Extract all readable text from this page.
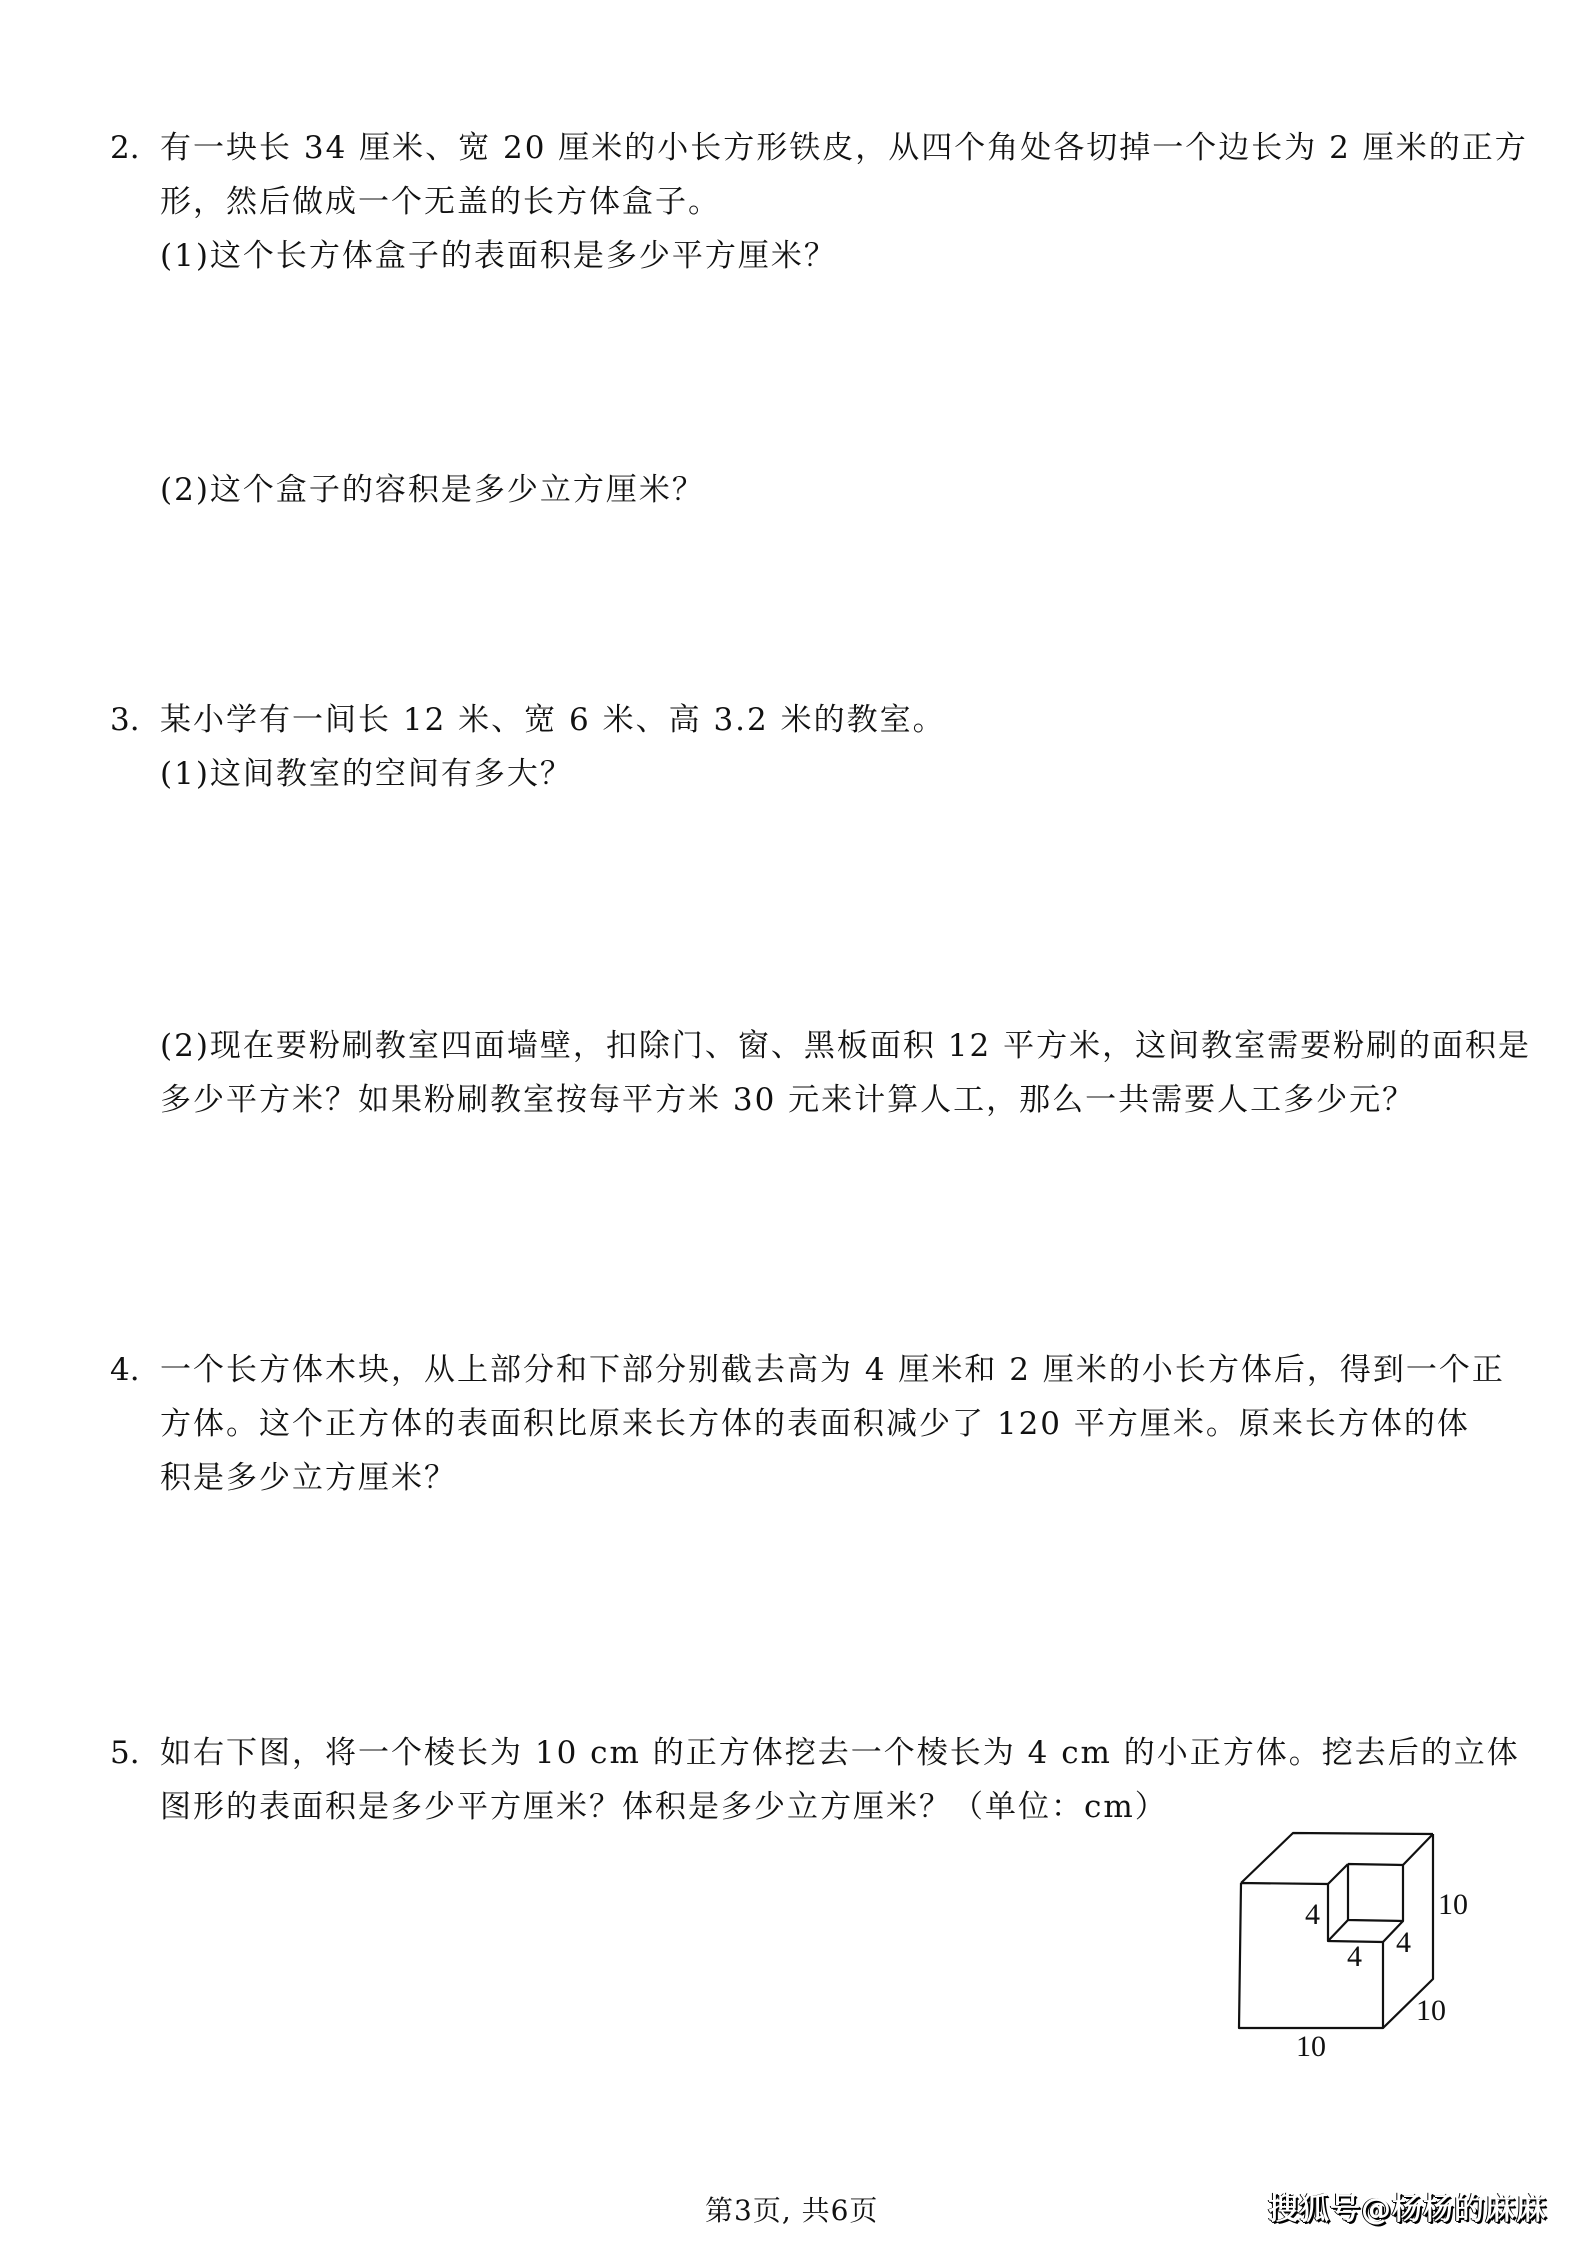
2. 有一块长 34 厘米、宽 20 厘米的小长方形铁皮，从四个角处各切掉一个边长为 2 厘米的正方
形，然后做成一个无盖的长方体盒子。
(1)这个长方体盒子的表面积是多少平方厘米？
(2)这个盒子的容积是多少立方厘米？
3. 某小学有一间长 12 米、宽 6 米、高 3.2 米的教室。
(1)这间教室的空间有多大？
(2)现在要粉刷教室四面墙壁，扣除门、窗、黑板面积 12 平方米，这间教室需要粉刷的面积是
多少平方米？如果粉刷教室按每平方米 30 元来计算人工，那么一共需要人工多少元？
4. 一个长方体木块，从上部分和下部分别截去高为 4 厘米和 2 厘米的小长方体后，得到一个正
方体。这个正方体的表面积比原来长方体的表面积减少了 120 平方厘米。原来长方体的体
积是多少立方厘米？
5. 如右下图，将一个棱长为 10 cm 的正方体挖去一个棱长为 4 cm 的小正方体。挖去后的立体
图形的表面积是多少平方厘米？体积是多少立方厘米？（单位：cm）
4
4 4
10
10
10
第3页, 共6页	搜狐号@杨杨的麻麻
